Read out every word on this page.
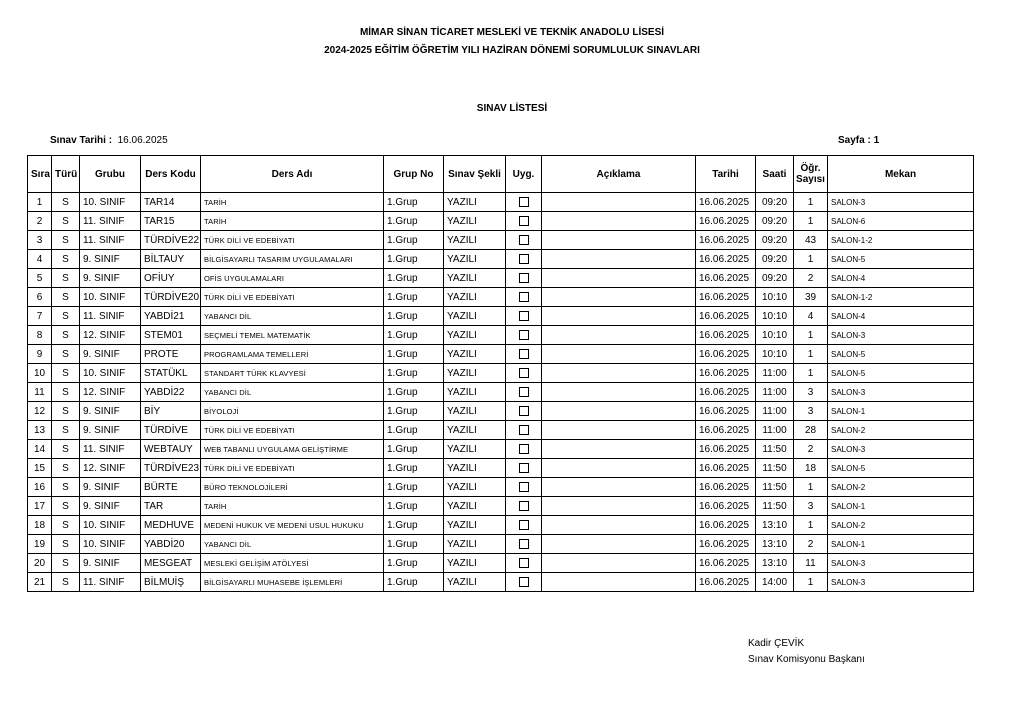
MİMAR SİNAN TİCARET MESLEKİ VE TEKNİK ANADOLU LİSESİ
2024-2025 EĞİTİM ÖĞRETİM YILI HAZİRAN DÖNEMİ SORUMLULUK SINAVLARI
SINAV LİSTESİ
Sınav Tarihi : 16.06.2025	Sayfa : 1
Sıra	Türü	Grubu	Ders Kodu	Ders Adı	Grup No	Sınav Şekli	Uyg.	Açıklama	Tarihi	Saati	Öğr. Sayısı	Mekan
1	S	10. SINIF	TAR14	TARİH	1.Grup	YAZILI			16.06.2025	09:20	1	SALON-3
2	S	11. SINIF	TAR15	TARİH	1.Grup	YAZILI			16.06.2025	09:20	1	SALON-6
3	S	11. SINIF	TÜRDİVE22	TÜRK DİLİ VE EDEBİYATI	1.Grup	YAZILI			16.06.2025	09:20	43	SALON-1-2
4	S	9. SINIF	BİLTAUY	BİLGİSAYARLI TASARIM UYGULAMALARI	1.Grup	YAZILI			16.06.2025	09:20	1	SALON-5
5	S	9. SINIF	OFİUY	OFİS UYGULAMALARI	1.Grup	YAZILI			16.06.2025	09:20	2	SALON-4
6	S	10. SINIF	TÜRDİVE20	TÜRK DİLİ VE EDEBİYATI	1.Grup	YAZILI			16.06.2025	10:10	39	SALON-1-2
7	S	11. SINIF	YABDİ21	YABANCI DİL	1.Grup	YAZILI			16.06.2025	10:10	4	SALON-4
8	S	12. SINIF	STEM01	SEÇMELİ TEMEL MATEMATİK	1.Grup	YAZILI			16.06.2025	10:10	1	SALON-3
9	S	9. SINIF	PROTE	PROGRAMLAMA TEMELLERİ	1.Grup	YAZILI			16.06.2025	10:10	1	SALON-5
10	S	10. SINIF	STATÜKL	STANDART TÜRK KLAVYESİ	1.Grup	YAZILI			16.06.2025	11:00	1	SALON-5
11	S	12. SINIF	YABDİ22	YABANCI DİL	1.Grup	YAZILI			16.06.2025	11:00	3	SALON-3
12	S	9. SINIF	BİY	BİYOLOJİ	1.Grup	YAZILI			16.06.2025	11:00	3	SALON-1
13	S	9. SINIF	TÜRDİVE	TÜRK DİLİ VE EDEBİYATI	1.Grup	YAZILI			16.06.2025	11:00	28	SALON-2
14	S	11. SINIF	WEBTAUY	WEB TABANLI UYGULAMA GELİŞTİRME	1.Grup	YAZILI			16.06.2025	11:50	2	SALON-3
15	S	12. SINIF	TÜRDİVE23	TÜRK DİLİ VE EDEBİYATI	1.Grup	YAZILI			16.06.2025	11:50	18	SALON-5
16	S	9. SINIF	BÜRTE	BÜRO TEKNOLOJİLERİ	1.Grup	YAZILI			16.06.2025	11:50	1	SALON-2
17	S	9. SINIF	TAR	TARİH	1.Grup	YAZILI			16.06.2025	11:50	3	SALON-1
18	S	10. SINIF	MEDHUVE	MEDENİ HUKUK VE MEDENİ USUL HUKUKU	1.Grup	YAZILI			16.06.2025	13:10	1	SALON-2
19	S	10. SINIF	YABDİ20	YABANCI DİL	1.Grup	YAZILI			16.06.2025	13:10	2	SALON-1
20	S	9. SINIF	MESGEAT	MESLEKİ GELİŞİM ATÖLYESİ	1.Grup	YAZILI			16.06.2025	13:10	11	SALON-3
21	S	11. SINIF	BİLMUİŞ	BİLGİSAYARLI MUHASEBE İŞLEMLERİ	1.Grup	YAZILI			16.06.2025	14:00	1	SALON-3
Kadir ÇEVİK
Sınav Komisyonu Başkanı
